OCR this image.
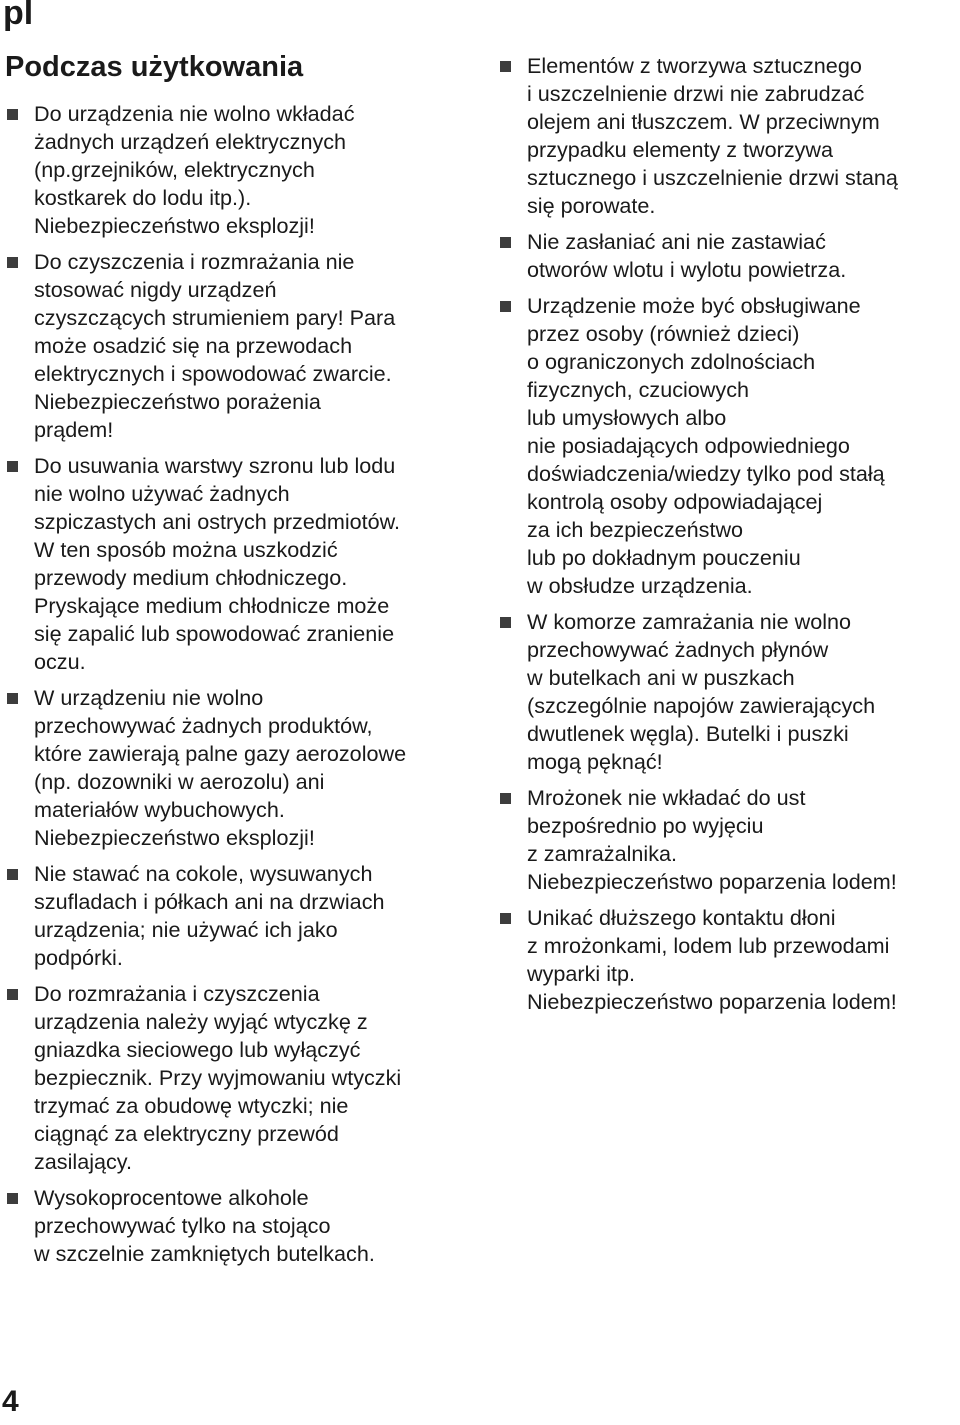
pl
Podczas użytkowania
Do urządzenia nie wolno wkładać
żadnych urządzeń elektrycznych
(np.grzejników, elektrycznych
kostkarek do lodu itp.).
Niebezpieczeństwo eksplozji!
Do czyszczenia i rozmrażania nie
stosować nigdy urządzeń
czyszczących strumieniem pary! Para
może osadzić się na przewodach
elektrycznych i spowodować zwarcie.
Niebezpieczeństwo porażenia
prądem!
Do usuwania warstwy szronu lub lodu
nie wolno używać żadnych
szpiczastych ani ostrych przedmiotów.
W ten sposób można uszkodzić
przewody medium chłodniczego.
Pryskające medium chłodnicze może
się zapalić lub spowodować zranienie
oczu.
W urządzeniu nie wolno
przechowywać żadnych produktów,
które zawierają palne gazy aerozolowe
(np. dozowniki w aerozolu) ani
materiałów wybuchowych.
Niebezpieczeństwo eksplozji!
Nie stawać na cokole, wysuwanych
szufladach i półkach ani na drzwiach
urządzenia; nie używać ich jako
podpórki.
Do rozmrażania i czyszczenia
urządzenia należy wyjąć wtyczkę z
gniazdka sieciowego lub wyłączyć
bezpiecznik. Przy wyjmowaniu wtyczki
trzymać za obudowę wtyczki; nie
ciągnąć za elektryczny przewód
zasilający.
Wysokoprocentowe alkohole
przechowywać tylko na stojąco
w szczelnie zamkniętych butelkach.
Elementów z tworzywa sztucznego
i uszczelnienie drzwi nie zabrudzać
olejem ani tłuszczem. W przeciwnym
przypadku elementy z tworzywa
sztucznego i uszczelnienie drzwi staną
się porowate.
Nie zasłaniać ani nie zastawiać
otworów wlotu i wylotu powietrza.
Urządzenie może być obsługiwane
przez osoby (również dzieci)
o ograniczonych zdolnościach
fizycznych, czuciowych
lub umysłowych albo
nie posiadających odpowiedniego
doświadczenia/wiedzy tylko pod stałą
kontrolą osoby odpowiadającej
za ich bezpieczeństwo
lub po dokładnym pouczeniu
w obsłudze urządzenia.
W komorze zamrażania nie wolno
przechowywać żadnych płynów
w butelkach ani w puszkach
(szczególnie napojów zawierających
dwutlenek węgla). Butelki i puszki
mogą pęknąć!
Mrożonek nie wkładać do ust
bezpośrednio po wyjęciu
z zamrażalnika.
Niebezpieczeństwo poparzenia lodem!
Unikać dłuższego kontaktu dłoni
z mrożonkami, lodem lub przewodami
wyparki itp.
Niebezpieczeństwo poparzenia lodem!
4
